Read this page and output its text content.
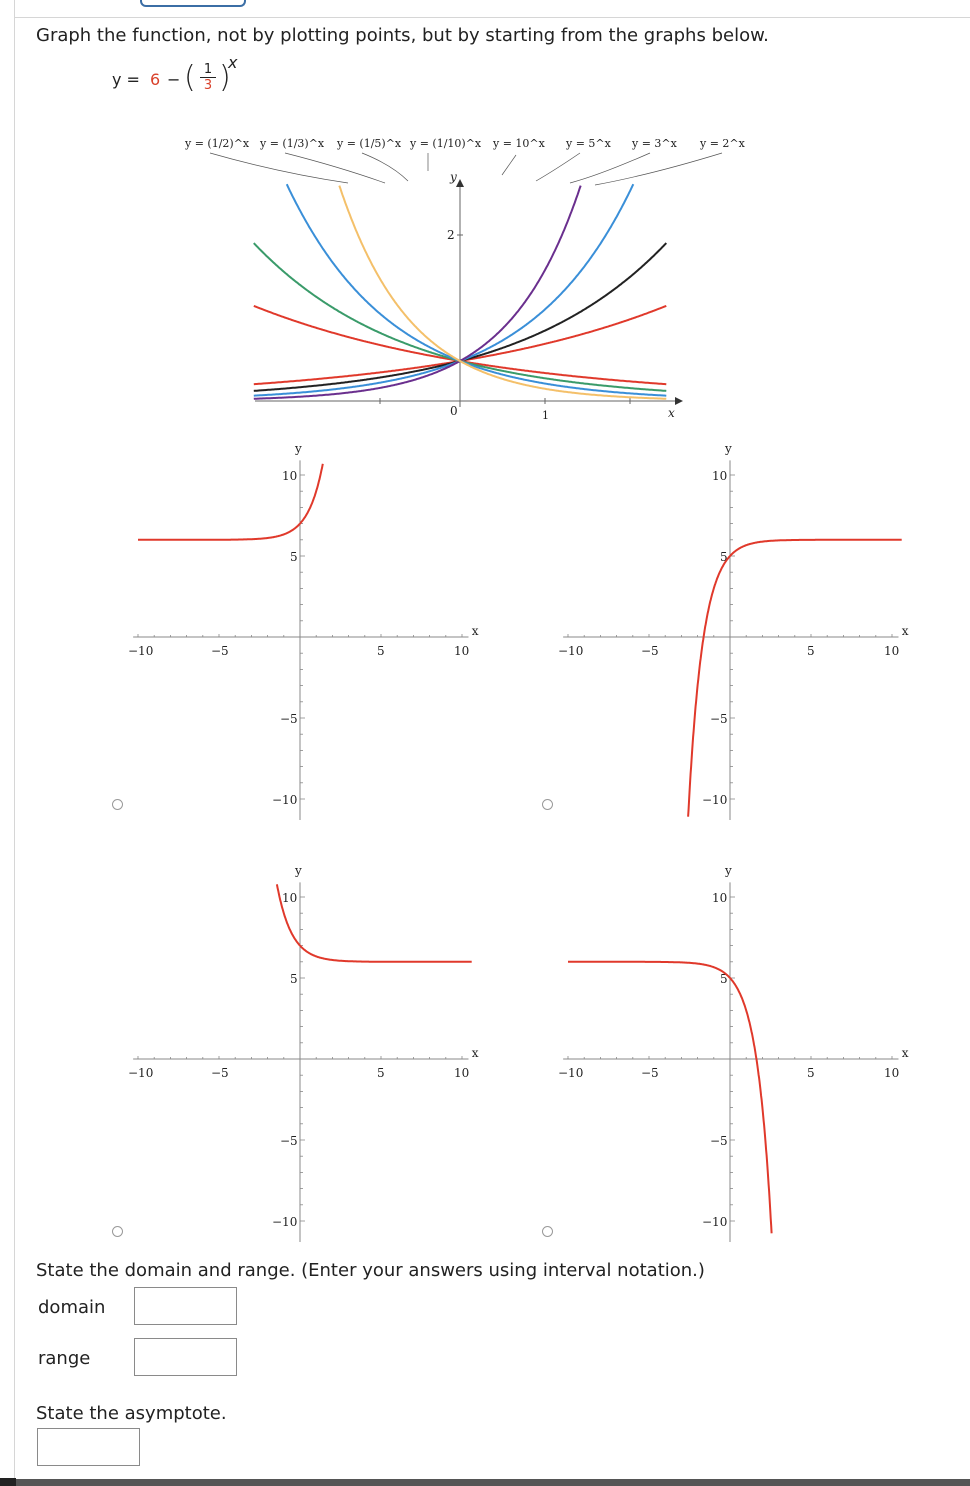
Graph the function, not by plotting points, but by starting from the graphs below.
y = 6 − ( 1
3 )
x
y = (1/2)^x y = (1/3)^x y = (1/5)^x y = (1/10)^x y = 10^x y = 5^x y = 3^x y = 2^x
y
2
0	1	x
−10	−5	5	10
x
y
10
5
−5
−10
−10	−5	5	10
x
y
10
5
−5
−10
−10	−5	5	10
x
y
10
5
−5
−10
−10	−5	5	10
x
y
10
5
−5
−10
State the domain and range. (Enter your answers using interval notation.)
domain
range
State the asymptote.
